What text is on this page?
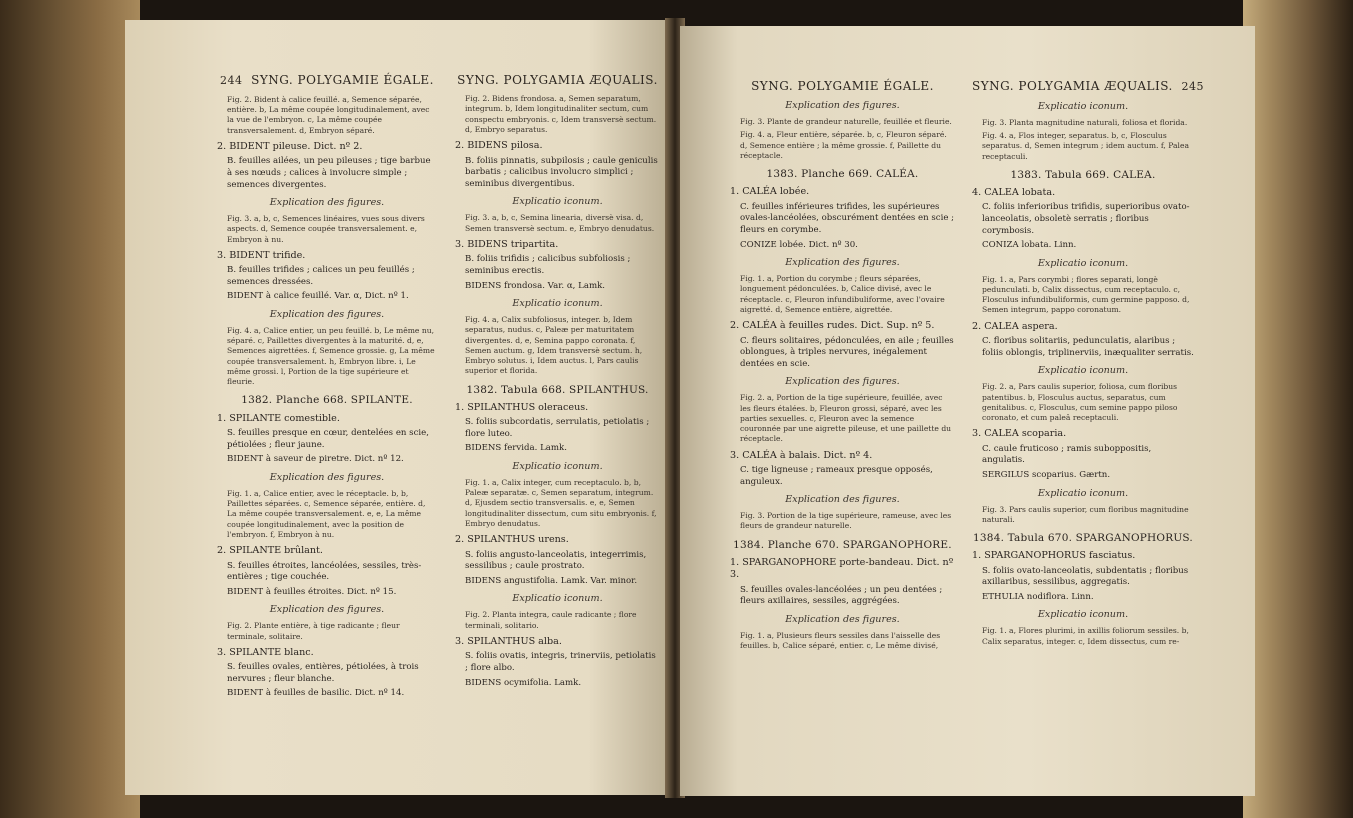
244 SYNG. POLYGAMIE ÉGALE.

Fig. 2. Bident à calice feuillé. a, Semence séparée, entière. b, La même coupée longitudinalement, avec la vue de l'embryon. c, La même coupée transversalement. d, Embryon séparé.

2. BIDENT pileuse. Dict. nº 2.

B. feuilles ailées, un peu pileuses ; tige barbue à ses nœuds ; calices à involucre simple ; semences divergentes.

Explication des figures.

Fig. 3. a, b, c, Semences linéaires, vues sous divers aspects. d, Semence coupée transversalement. e, Embryon à nu.

3. BIDENT trifide.

B. feuilles trifides ; calices un peu feuillés ; semences dressées.

BIDENT à calice feuillé. Var. α, Dict. nº 1.

Explication des figures.

Fig. 4. a, Calice entier, un peu feuillé. b, Le même nu, séparé. c, Paillettes divergentes à la maturité. d, e, Semences aigrettées. f, Semence grossie. g, La même coupée transversalement. h, Embryon libre. i, Le même grossi. l, Portion de la tige supérieure et fleurie.

1382. Planche 668. SPILANTE.

1. SPILANTE comestible.

S. feuilles presque en cœur, dentelées en scie, pétiolées ; fleur jaune.

BIDENT à saveur de piretre. Dict. nº 12.

Explication des figures.

Fig. 1. a, Calice entier, avec le réceptacle. b, b, Paillettes séparées. c, Semence séparée, entière. d, La même coupée transversalement. e, e, La même coupée longitudinalement, avec la position de l'embryon. f, Embryon à nu.

2. SPILANTE brûlant.

S. feuilles étroites, lancéolées, sessiles, très-entières ; tige couchée.

BIDENT à feuilles étroites. Dict. nº 15.

Explication des figures.

Fig. 2. Plante entière, à tige radicante ; fleur terminale, solitaire.

3. SPILANTE blanc.

S. feuilles ovales, entières, pétiolées, à trois nervures ; fleur blanche.

BIDENT à feuilles de basilic. Dict. nº 14.

SYNG. POLYGAMIA ÆQUALIS.

Fig. 2. Bidens frondosa. a, Semen separatum, integrum. b, Idem longitudinaliter sectum, cum conspectu embryonis. c, Idem transversè sectum. d, Embryo separatus.

2. BIDENS pilosa.

B. foliis pinnatis, subpilosis ; caule geniculis barbatis ; calicibus involucro simplici ; seminibus divergentibus.

Explicatio iconum.

Fig. 3. a, b, c, Semina linearia, diversè visa. d, Semen transversè sectum. e, Embryo denudatus.

3. BIDENS tripartita.

B. foliis trifidis ; calicibus subfoliosis ; seminibus erectis.

BIDENS frondosa. Var. α, Lamk.

Explicatio iconum.

Fig. 4. a, Calix subfoliosus, integer. b, Idem separatus, nudus. c, Paleæ per maturitatem divergentes. d, e, Semina pappo coronata. f, Semen auctum. g, Idem transversè sectum. h, Embryo solutus. i, Idem auctus. l, Pars caulis superior et florida.

1382. Tabula 668. SPILANTHUS.

1. SPILANTHUS oleraceus.

S. foliis subcordatis, serrulatis, petiolatis ; flore luteo.

BIDENS fervida. Lamk.

Explicatio iconum.

Fig. 1. a, Calix integer, cum receptaculo. b, b, Paleæ separatæ. c, Semen separatum, integrum. d, Ejusdem sectio transversalis. e, e, Semen longitudinaliter dissectum, cum situ embryonis. f, Embryo denudatus.

2. SPILANTHUS urens.

S. foliis angusto-lanceolatis, integerrimis, sessilibus ; caule prostrato.

BIDENS angustifolia. Lamk. Var. minor.

Explicatio iconum.

Fig. 2. Planta integra, caule radicante ; flore terminali, solitario.

3. SPILANTHUS alba.

S. foliis ovatis, integris, trinerviis, petiolatis ; flore albo.

BIDENS ocymifolia. Lamk.

SYNG. POLYGAMIE ÉGALE.

Explication des figures.

Fig. 3. Plante de grandeur naturelle, feuillée et fleurie.

Fig. 4. a, Fleur entière, séparée. b, c, Fleuron séparé. d, Semence entière ; la même grossie. f, Paillette du réceptacle.

1383. Planche 669. CALÉA.

1. CALÉA lobée.

C. feuilles inférieures trifides, les supérieures ovales-lancéolées, obscurément dentées en scie ; fleurs en corymbe.

CONIZE lobée. Dict. nº 30.

Explication des figures.

Fig. 1. a, Portion du corymbe ; fleurs séparées, longuement pédonculées. b, Calice divisé, avec le réceptacle. c, Fleuron infundibuliforme, avec l'ovaire aigretté. d, Semence entière, aigrettée.

2. CALÉA à feuilles rudes. Dict. Sup. nº 5.

C. fleurs solitaires, pédonculées, en aile ; feuilles oblongues, à triples nervures, inégalement dentées en scie.

Explication des figures.

Fig. 2. a, Portion de la tige supérieure, feuillée, avec les fleurs étalées. b, Fleuron grossi, séparé, avec les parties sexuelles. c, Fleuron avec la semence couronnée par une aigrette pileuse, et une paillette du réceptacle.

3. CALÉA à balais. Dict. nº 4.

C. tige ligneuse ; rameaux presque opposés, anguleux.

Explication des figures.

Fig. 3. Portion de la tige supérieure, rameuse, avec les fleurs de grandeur naturelle.

1384. Planche 670. SPARGANOPHORE.

1. SPARGANOPHORE porte-bandeau. Dict. nº 3.

S. feuilles ovales-lancéolées ; un peu dentées ; fleurs axillaires, sessiles, aggrégées.

Explication des figures.

Fig. 1. a, Plusieurs fleurs sessiles dans l'aisselle des feuilles. b, Calice séparé, entier. c, Le même divisé,

SYNG. POLYGAMIA ÆQUALIS. 245

Explicatio iconum.

Fig. 3. Planta magnitudine naturali, foliosa et florida.

Fig. 4. a, Flos integer, separatus. b, c, Flosculus separatus. d, Semen integrum ; idem auctum. f, Palea receptaculi.

1383. Tabula 669. CALEA.

4. CALEA lobata.

C. foliis inferioribus trifidis, superioribus ovato-lanceolatis, obsoletè serratis ; floribus corymbosis.

CONIZA lobata. Linn.

Explicatio iconum.

Fig. 1. a, Pars corymbi ; flores separati, longè pedunculati. b, Calix dissectus, cum receptaculo. c, Flosculus infundibuliformis, cum germine papposo. d, Semen integrum, pappo coronatum.

2. CALEA aspera.

C. floribus solitariis, pedunculatis, alaribus ; foliis oblongis, triplinerviis, inæqualiter serratis.

Explicatio iconum.

Fig. 2. a, Pars caulis superior, foliosa, cum floribus patentibus. b, Flosculus auctus, separatus, cum genitalibus. c, Flosculus, cum semine pappo piloso coronato, et cum paleâ receptaculi.

3. CALEA scoparia.

C. caule fruticoso ; ramis suboppositis, angulatis.

SERGILUS scoparius. Gærtn.

Explicatio iconum.

Fig. 3. Pars caulis superior, cum floribus magnitudine naturali.

1384. Tabula 670. SPARGANOPHORUS.

1. SPARGANOPHORUS fasciatus.

S. foliis ovato-lanceolatis, subdentatis ; floribus axillaribus, sessilibus, aggregatis.

ETHULIA nodiflora. Linn.

Explicatio iconum.

Fig. 1. a, Flores plurimi, in axillis foliorum sessiles. b, Calix separatus, integer. c, Idem dissectus, cum re-
